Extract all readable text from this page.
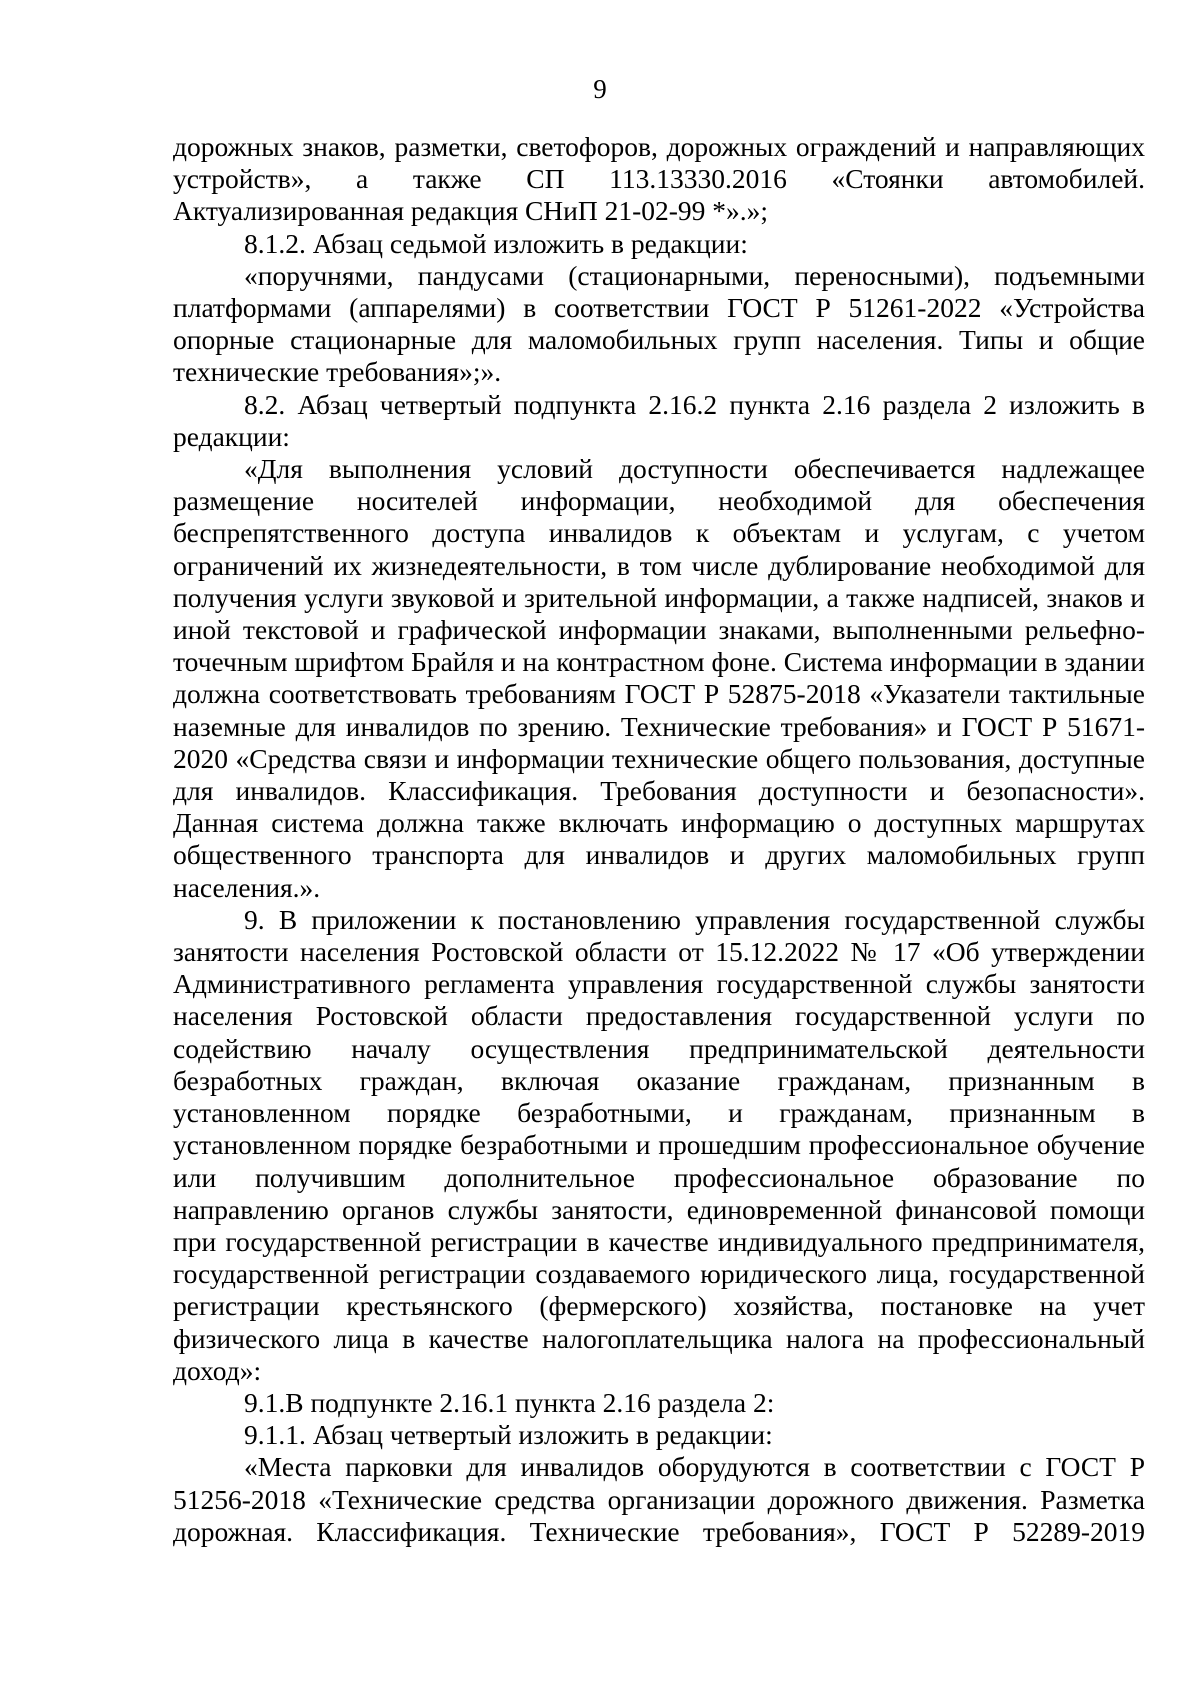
9

дорожных знаков, разметки, светофоров, дорожных ограждений и направляющих устройств», а также СП 113.13330.2016 «Стоянки автомобилей. Актуализированная редакция СНиП 21-02-99 *».»;

8.1.2. Абзац седьмой изложить в редакции:

«поручнями, пандусами (стационарными, переносными), подъемными платформами (аппарелями) в соответствии ГОСТ Р 51261-2022 «Устройства опорные стационарные для маломобильных групп населения. Типы и общие технические требования»;».

8.2. Абзац четвертый подпункта 2.16.2 пункта 2.16 раздела 2 изложить в редакции:

«Для выполнения условий доступности обеспечивается надлежащее размещение носителей информации, необходимой для обеспечения беспрепятственного доступа инвалидов к объектам и услугам, с учетом ограничений их жизнедеятельности, в том числе дублирование необходимой для получения услуги звуковой и зрительной информации, а также надписей, знаков и иной текстовой и графической информации знаками, выполненными рельефно-точечным шрифтом Брайля и на контрастном фоне. Система информации в здании должна соответствовать требованиям ГОСТ Р 52875-2018 «Указатели тактильные наземные для инвалидов по зрению. Технические требования» и ГОСТ Р 51671-2020 «Средства связи и информации технические общего пользования, доступные для инвалидов. Классификация. Требования доступности и безопасности». Данная система должна также включать информацию о доступных маршрутах общественного транспорта для инвалидов и других маломобильных групп населения.».

9. В приложении к постановлению управления государственной службы занятости населения Ростовской области от 15.12.2022 № 17 «Об утверждении Административного регламента управления государственной службы занятости населения Ростовской области предоставления государственной услуги по содействию началу осуществления предпринимательской деятельности безработных граждан, включая оказание гражданам, признанным в установленном порядке безработными, и гражданам, признанным в установленном порядке безработными и прошедшим профессиональное обучение или получившим дополнительное профессиональное образование по направлению органов службы занятости, единовременной финансовой помощи при государственной регистрации в качестве индивидуального предпринимателя, государственной регистрации создаваемого юридического лица, государственной регистрации крестьянского (фермерского) хозяйства, постановке на учет физического лица в качестве налогоплательщика налога на профессиональный доход»:

9.1.В подпункте 2.16.1 пункта 2.16 раздела 2:

9.1.1. Абзац четвертый изложить в редакции:

«Места парковки для инвалидов оборудуются в соответствии с ГОСТ Р 51256-2018 «Технические средства организации дорожного движения. Разметка дорожная. Классификация. Технические требования», ГОСТ Р 52289-2019
